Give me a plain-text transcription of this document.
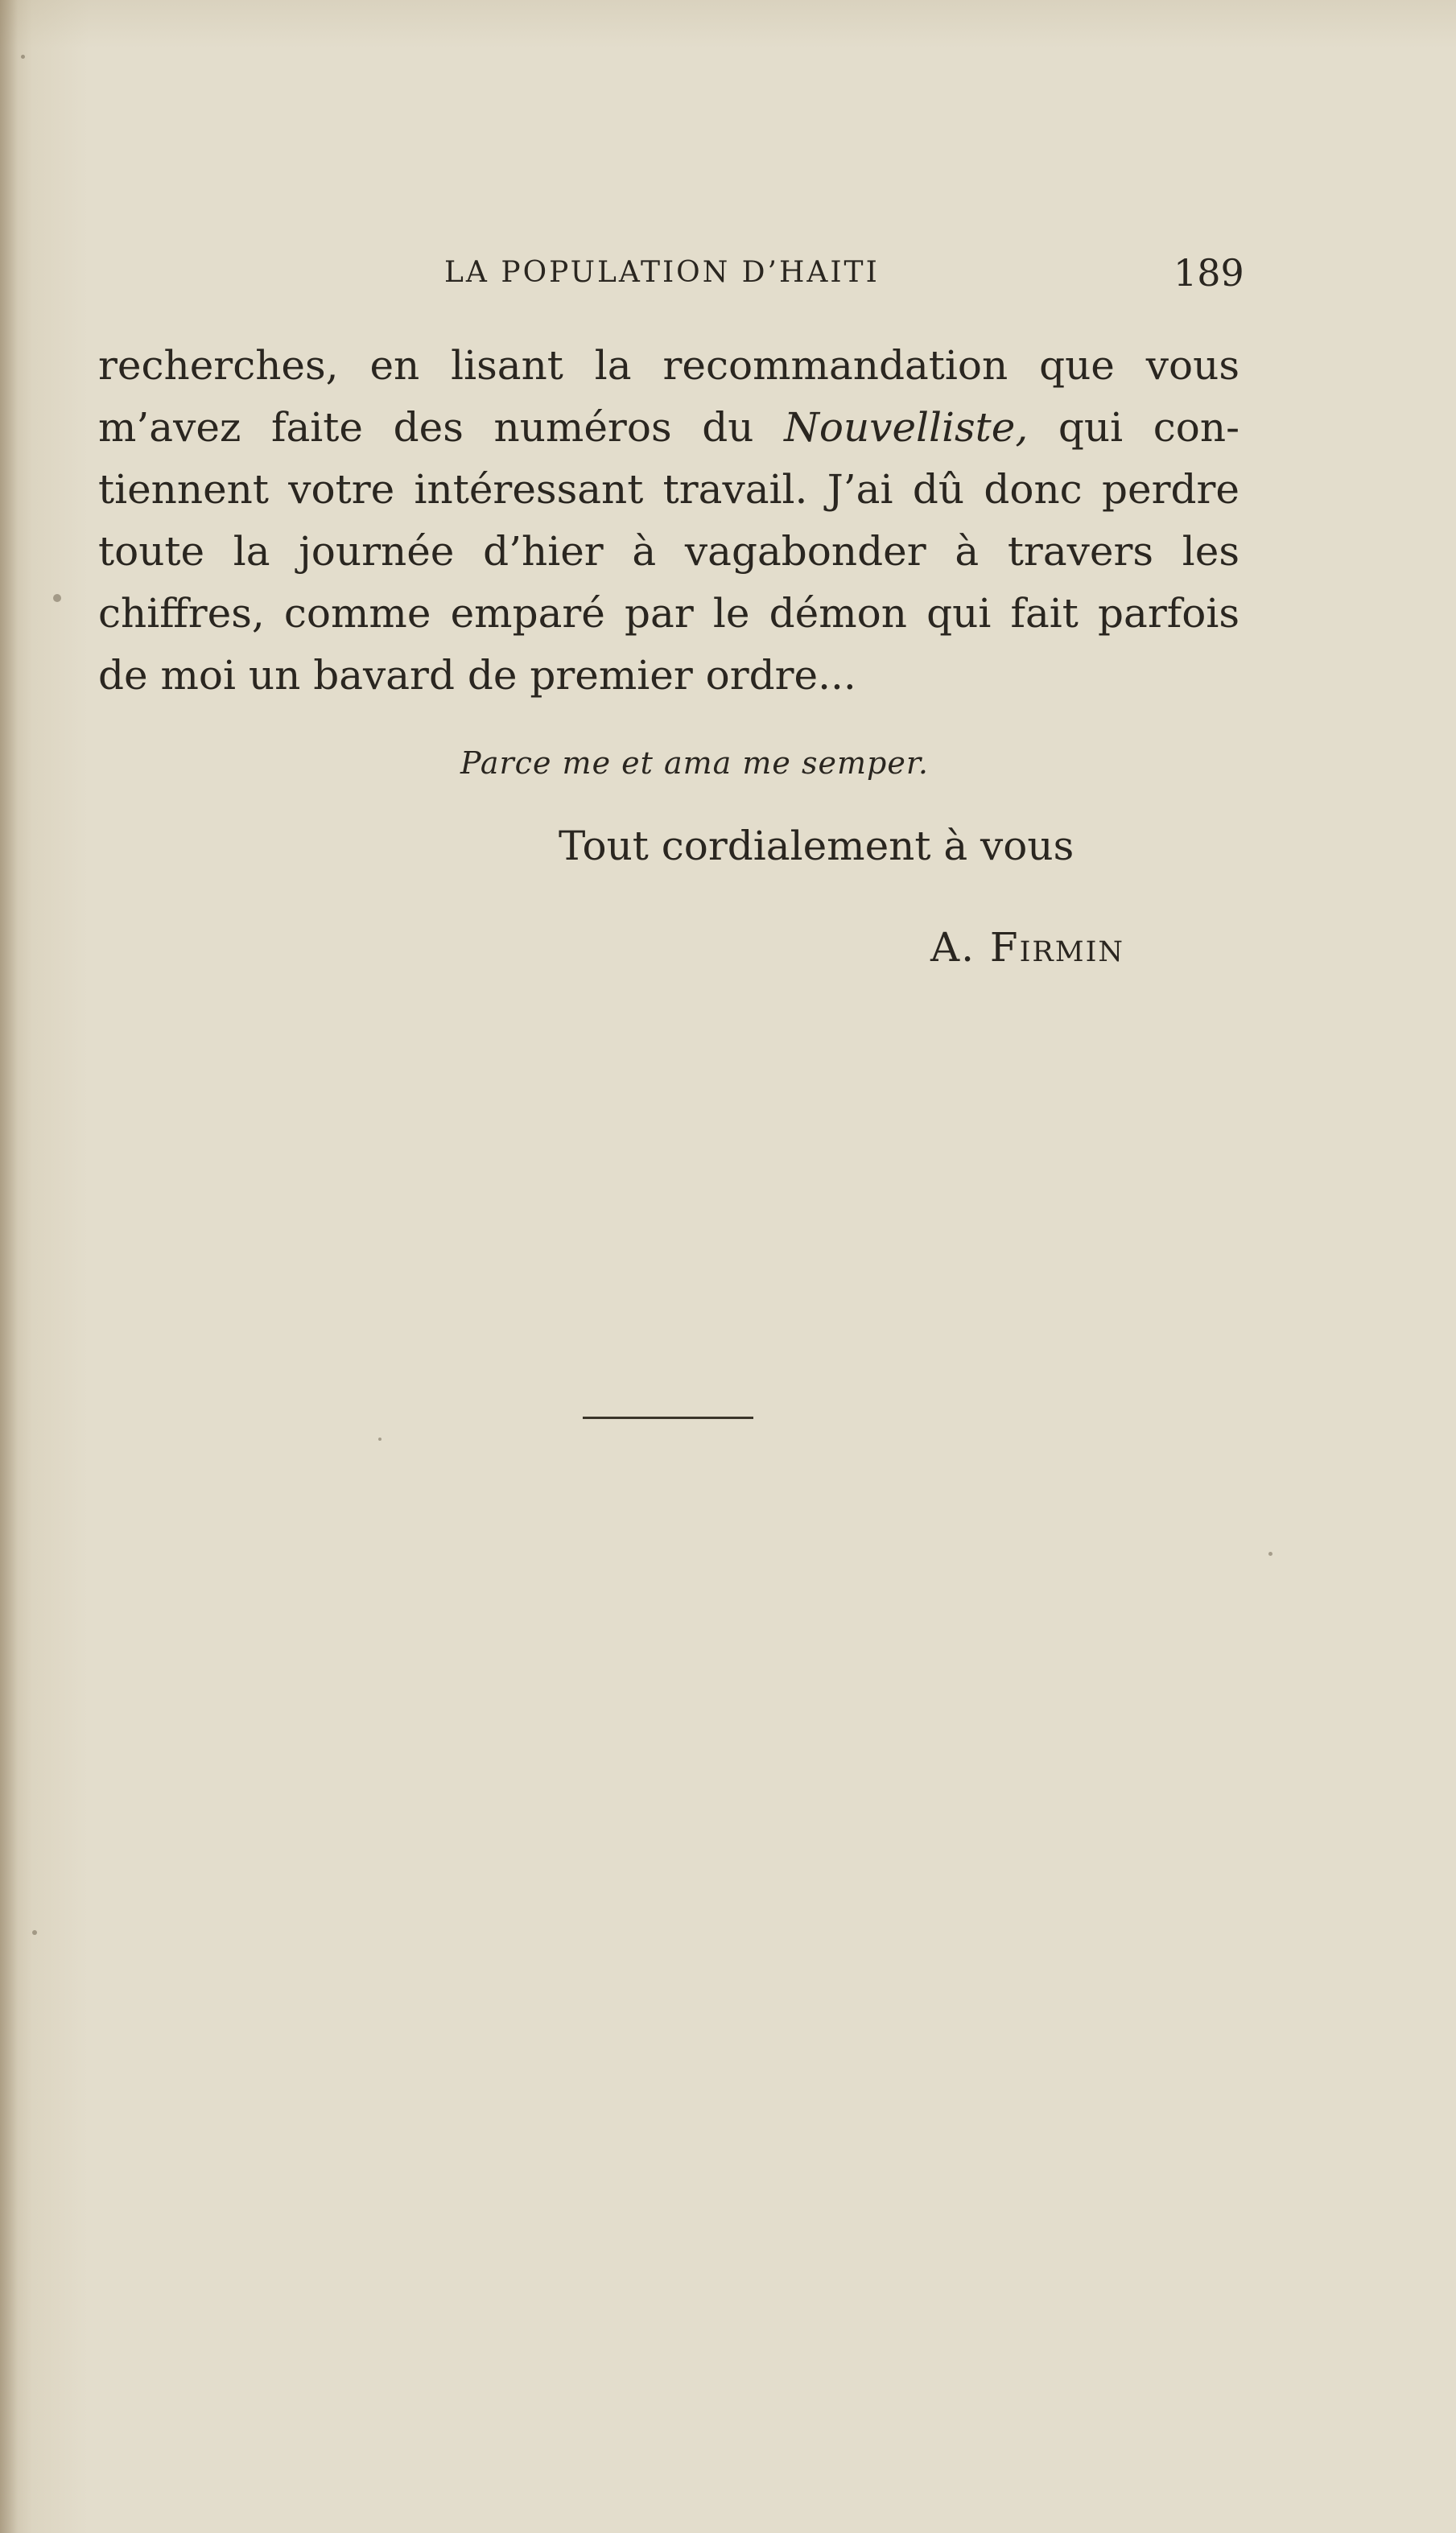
LA POPULATION D’HAITI	189
recherches, en lisant la recommandation que vous
m’avez faite des numéros du Nouvelliste, qui con-
tiennent votre intéressant travail. J’ai dû donc perdre
toute la journée d’hier à vagabonder à travers les
chiffres, comme emparé par le démon qui fait parfois
de moi un bavard de premier ordre...
Parce me et ama me semper.
Tout cordialement à vous
A. Firmin
